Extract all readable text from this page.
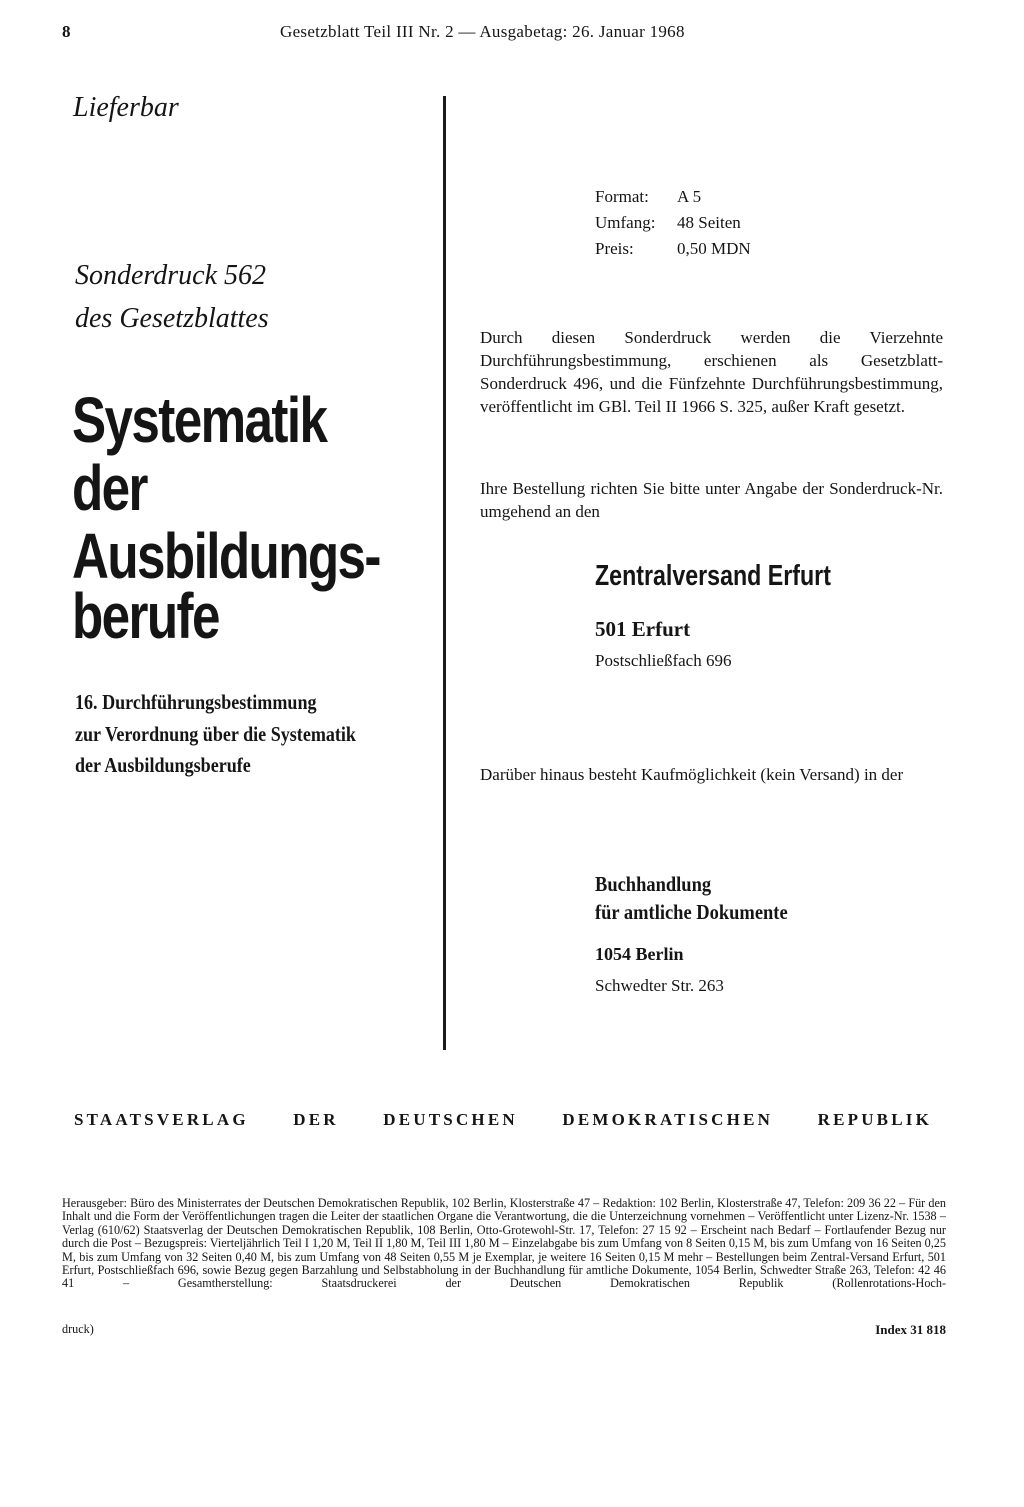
8	Gesetzblatt Teil III Nr. 2 — Ausgabetag: 26. Januar 1968
Lieferbar
Sonderdruck 562
des Gesetzblattes
Systematik
der
Ausbildungs-
berufe
16. Durchführungsbestimmung
zur Verordnung über die Systematik
der Ausbildungsberufe
Format:	A 5
Umfang:	48 Seiten
Preis:	0,50 MDN
Durch diesen Sonderdruck werden die Vierzehnte Durchführungsbestimmung, erschienen als Gesetzblatt-Sonderdruck 496, und die Fünfzehnte Durchführungsbestimmung, veröffentlicht im GBl. Teil II 1966 S. 325, außer Kraft gesetzt.
Ihre Bestellung richten Sie bitte unter Angabe der Sonderdruck-Nr. umgehend an den
Zentralversand Erfurt
501 Erfurt
Postschließfach 696
Darüber hinaus besteht Kaufmöglichkeit (kein Versand) in der
Buchhandlung
für amtliche Dokumente
1054 Berlin
Schwedter Str. 263
STAATSVERLAG DER DEUTSCHEN DEMOKRATISCHEN REPUBLIK
Herausgeber: Büro des Ministerrates der Deutschen Demokratischen Republik, 102 Berlin, Klosterstraße 47 – Redaktion: 102 Berlin, Klosterstraße 47, Telefon: 209 36 22 – Für den Inhalt und die Form der Veröffentlichungen tragen die Leiter der staatlichen Organe die Verantwortung, die die Unterzeichnung vornehmen – Veröffentlicht unter Lizenz-Nr. 1538 – Verlag (610/62) Staatsverlag der Deutschen Demokratischen Republik, 108 Berlin, Otto-Grotewohl-Str. 17, Telefon: 27 15 92 – Erscheint nach Bedarf – Fortlaufender Bezug nur durch die Post – Bezugspreis: Vierteljährlich Teil I 1,20 M, Teil II 1,80 M, Teil III 1,80 M – Einzelabgabe bis zum Umfang von 8 Seiten 0,15 M, bis zum Umfang von 16 Seiten 0,25 M, bis zum Umfang von 32 Seiten 0,40 M, bis zum Umfang von 48 Seiten 0,55 M je Exemplar, je weitere 16 Seiten 0,15 M mehr – Bestellungen beim Zentral-Versand Erfurt, 501 Erfurt, Postschließfach 696, sowie Bezug gegen Barzahlung und Selbstabholung in der Buchhandlung für amtliche Dokumente, 1054 Berlin, Schwedter Straße 263, Telefon: 42 46 41 – Gesamtherstellung: Staatsdruckerei der Deutschen Demokratischen Republik (Rollenrotations-Hoch-
druck)	Index 31 818
